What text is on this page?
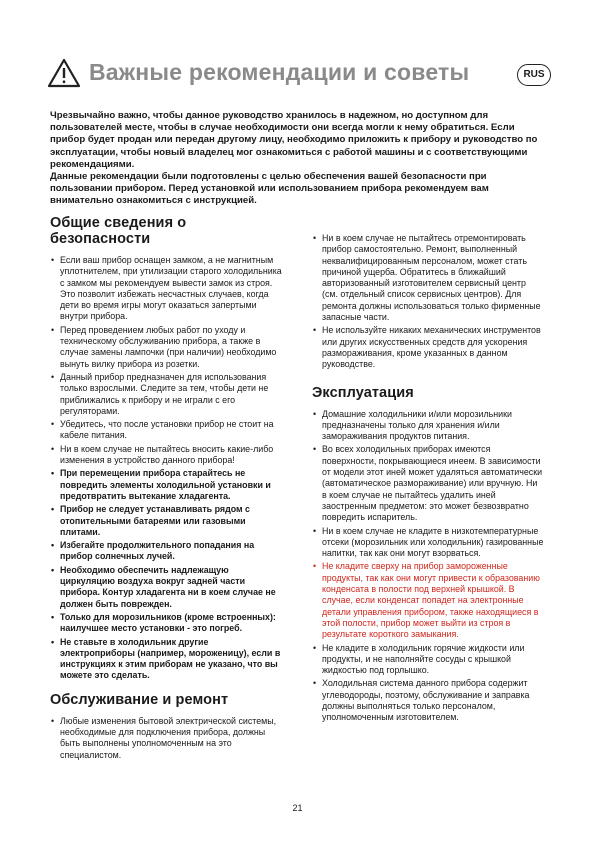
Важные рекомендации и советы	RUS

Чрезвычайно важно, чтобы данное руководство хранилось в надежном, но доступном для пользователей месте, чтобы в случае необходимости они всегда могли к нему обратиться. Если прибор будет продан или передан другому лицу, необходимо приложить к прибору и руководство по эксплуатации, чтобы новый владелец мог ознакомиться с работой машины и с соответствующими рекомендациями.

Данные рекомендации были подготовлены с целью обеспечения вашей безопасности при пользовании прибором. Перед установкой или использованием прибора рекомендуем вам внимательно ознакомиться с инструкцией.

Общие сведения о безопасности
• Если ваш прибор оснащен замком, а не магнитным уплотнителем, при утилизации старого холодильника с замком мы рекомендуем вывести замок из строя. Это позволит избежать несчастных случаев, когда дети во время игры могут оказаться запертыми внутри прибора.
• Перед проведением любых работ по уходу и техническому обслуживанию прибора, а также в случае замены лампочки (при наличии) необходимо вынуть вилку прибора из розетки.
• Данный прибор предназначен для использования только взрослыми. Следите за тем, чтобы дети не приближались к прибору и не играли с его регуляторами.
• Убедитесь, что после установки прибор не стоит на кабеле питания.
• Ни в коем случае не пытайтесь вносить какие-либо изменения в устройство данного прибора!
• При перемещении прибора старайтесь не повредить элементы холодильной установки и предотвратить вытекание хладагента.
• Прибор не следует устанавливать рядом с отопительными батареями или газовыми плитами.
• Избегайте продолжительного попадания на прибор солнечных лучей.
• Необходимо обеспечить надлежащую циркуляцию воздуха вокруг задней части прибора. Контур хладагента ни в коем случае не должен быть поврежден.
• Только для морозильников (кроме встроенных): наилучшее место установки - это погреб.
• Не ставьте в холодильник другие электроприборы (например, мороженицу), если в инструкциях к этим приборам не указано, что вы можете это сделать.
Обслуживание и ремонт
• Любые изменения бытовой электрической системы, необходимые для подключения прибора, должны быть выполнены уполномоченным на это специалистом.
• Ни в коем случае не пытайтесь отремонтировать прибор самостоятельно. Ремонт, выполненный неквалифицированным персоналом, может стать причиной ущерба. Обратитесь в ближайший авторизованный изготовителем сервисный центр (см. отдельный список сервисных центров). Для ремонта должны использоваться только фирменные запасные части.
• Не используйте никаких механических инструментов или других искусственных средств для ускорения размораживания, кроме указанных в данном руководстве.
Эксплуатация
• Домашние холодильники и/или морозильники предназначены только для хранения и/или замораживания продуктов питания.
• Во всех холодильных приборах имеются поверхности, покрывающиеся инеем. В зависимости от модели этот иней может удаляться автоматически (автоматическое размораживание) или вручную. Ни в коем случае не пытайтесь удалить иней заостренным предметом: это может безвозвратно повредить испаритель.
• Ни в коем случае не кладите в низкотемпературные отсеки (морозильник или холодильник) газированные напитки, так как они могут взорваться.
• Не кладите сверху на прибор замороженные продукты, так как они могут привести к образованию конденсата в полости под верхней крышкой. В случае, если конденсат попадет на электронные детали управления прибором, также находящиеся в этой полости, прибор может выйти из строя в результате короткого замыкания.
• Не кладите в холодильник горячие жидкости или продукты, и не наполняйте сосуды с крышкой жидкостью под горлышко.
• Холодильная система данного прибора содержит углеводороды, поэтому, обслуживание и заправка должны выполняться только персоналом, уполномоченным изготовителем.
21
